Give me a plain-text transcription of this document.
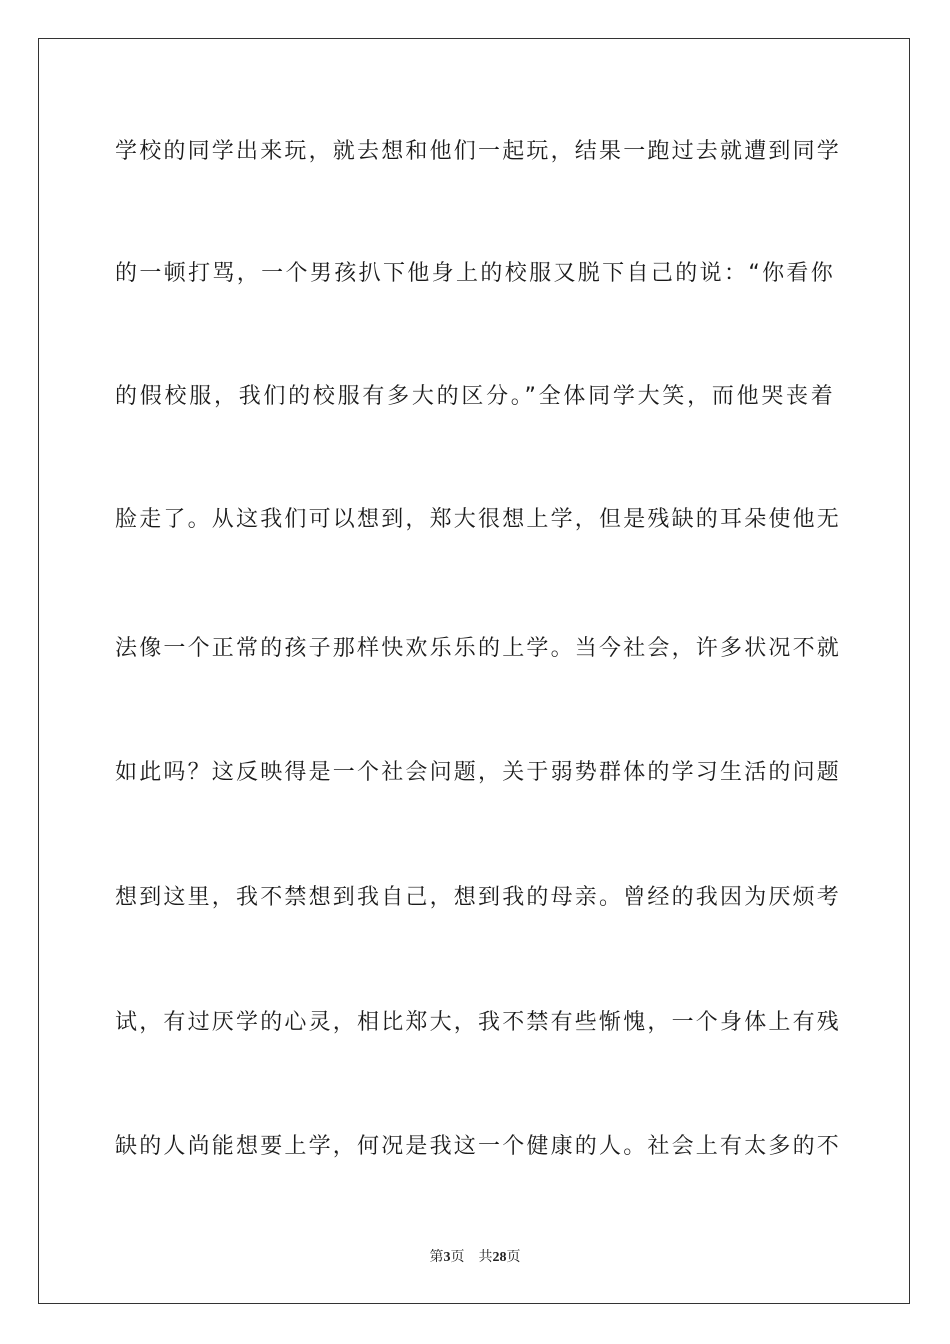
学校的同学出来玩，就去想和他们一起玩，结果一跑过去就遭到同学
的一顿打骂，一个男孩扒下他身上的校服又脱下自己的说：“你看你
的假校服，我们的校服有多大的区分。”全体同学大笑，而他哭丧着
脸走了。从这我们可以想到，郑大很想上学，但是残缺的耳朵使他无
法像一个正常的孩子那样快欢乐乐的上学。当今社会，许多状况不就
如此吗？这反映得是一个社会问题，关于弱势群体的学习生活的问题
想到这里，我不禁想到我自己，想到我的母亲。曾经的我因为厌烦考
试，有过厌学的心灵，相比郑大，我不禁有些惭愧，一个身体上有残
缺的人尚能想要上学，何况是我这一个健康的人。社会上有太多的不
第3页 共28页
